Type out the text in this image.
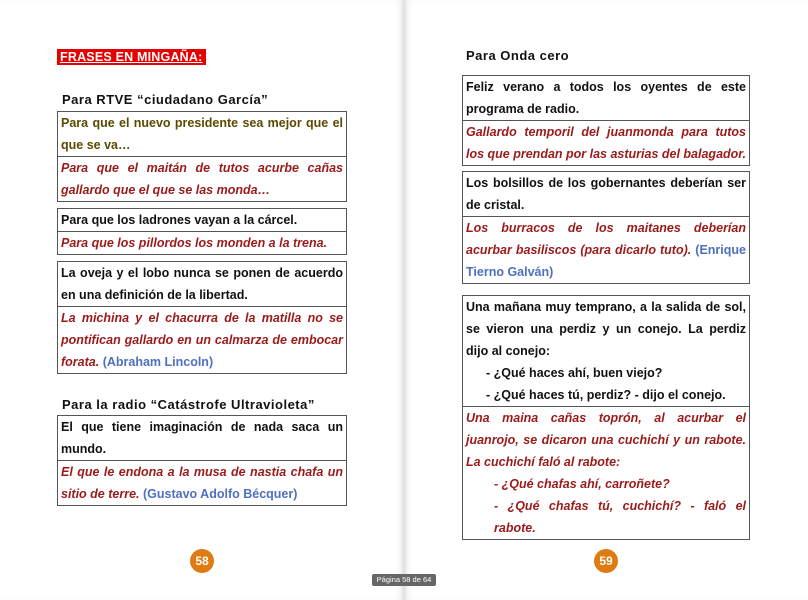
FRASES EN MINGAÑA:
Para RTVE “ciudadano García”
Para que el nuevo presidente sea mejor que el que se va…
Para que el maitán de tutos acurbe cañas gallardo que el que se las monda…
Para que los ladrones vayan a la cárcel.
Para que los pillordos los monden a la trena.
La oveja y el lobo nunca se ponen de acuerdo en una definición de la libertad.
La michina y el chacurra de la matilla no se pontifican gallardo en un calmarza de embocar forata. (Abraham Lincoln)
Para la radio “Catástrofe Ultravioleta”
El que tiene imaginación de nada saca un mundo.
El que le endona a la musa de nastia chafa un sitio de terre. (Gustavo Adolfo Bécquer)
58
Para Onda cero
Feliz verano a todos los oyentes de este programa de radio.
Gallardo temporil del juanmonda para tutos los que prendan por las asturias del balagador.
Los bolsillos de los gobernantes deberían ser de cristal.
Los burracos de los maitanes deberían acurbar basiliscos (para dicarlo tuto). (Enrique Tierno Galván)
Una mañana muy temprano, a la salida de sol, se vieron una perdiz y un conejo. La perdiz dijo al conejo:
- ¿Qué haces ahí, buen viejo?
- ¿Qué haces tú, perdiz? - dijo el conejo.
Una maina cañas toprón, al acurbar el juanrojo, se dicaron una cuchichí y un rabote. La cuchichí faló al rabote:
- ¿Qué chafas ahí, carroñete?
- ¿Qué chafas tú, cuchichí? - faló el rabote.
59
Página 58 de 64
